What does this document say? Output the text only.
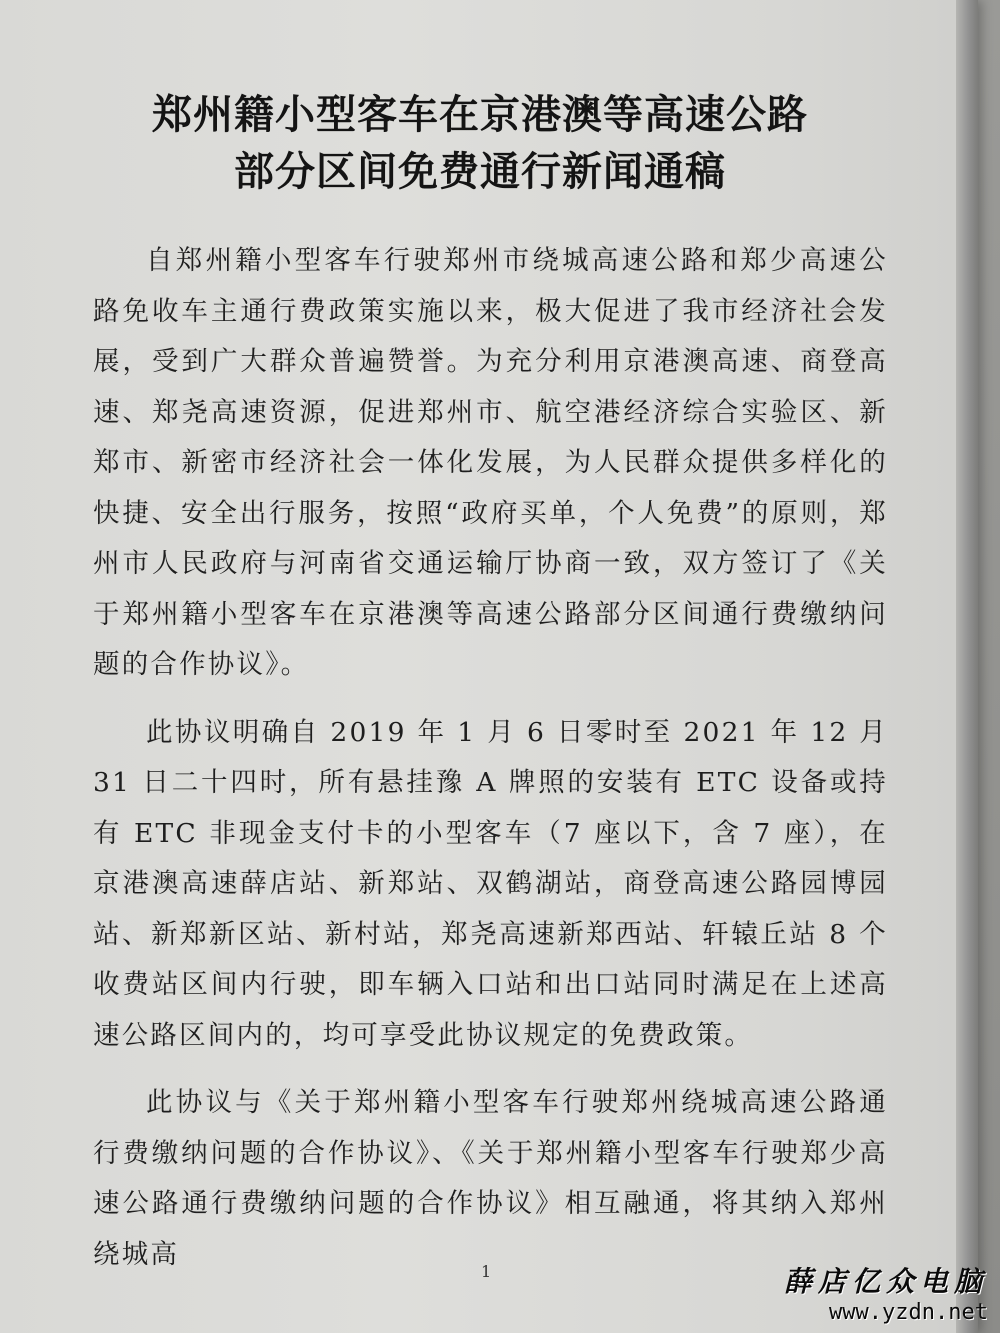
郑州籍小型客车在京港澳等高速公路
部分区间免费通行新闻通稿

自郑州籍小型客车行驶郑州市绕城高速公路和郑少高速公路免收车主通行费政策实施以来，极大促进了我市经济社会发展，受到广大群众普遍赞誉。为充分利用京港澳高速、商登高速、郑尧高速资源，促进郑州市、航空港经济综合实验区、新郑市、新密市经济社会一体化发展，为人民群众提供多样化的快捷、安全出行服务，按照“政府买单，个人免费”的原则，郑州市人民政府与河南省交通运输厅协商一致，双方签订了《关于郑州籍小型客车在京港澳等高速公路部分区间通行费缴纳问题的合作协议》。

此协议明确自 2019 年 1 月 6 日零时至 2021 年 12 月 31 日二十四时，所有悬挂豫 A 牌照的安装有 ETC 设备或持有 ETC 非现金支付卡的小型客车（7 座以下，含 7 座），在京港澳高速薛店站、新郑站、双鹤湖站，商登高速公路园博园站、新郑新区站、新村站，郑尧高速新郑西站、轩辕丘站 8 个收费站区间内行驶，即车辆入口站和出口站同时满足在上述高速公路区间内的，均可享受此协议规定的免费政策。

此协议与《关于郑州籍小型客车行驶郑州绕城高速公路通行费缴纳问题的合作协议》、《关于郑州籍小型客车行驶郑少高速公路通行费缴纳问题的合作协议》相互融通，将其纳入郑州绕城高

1	薛店亿众电脑
www.yzdn.net
